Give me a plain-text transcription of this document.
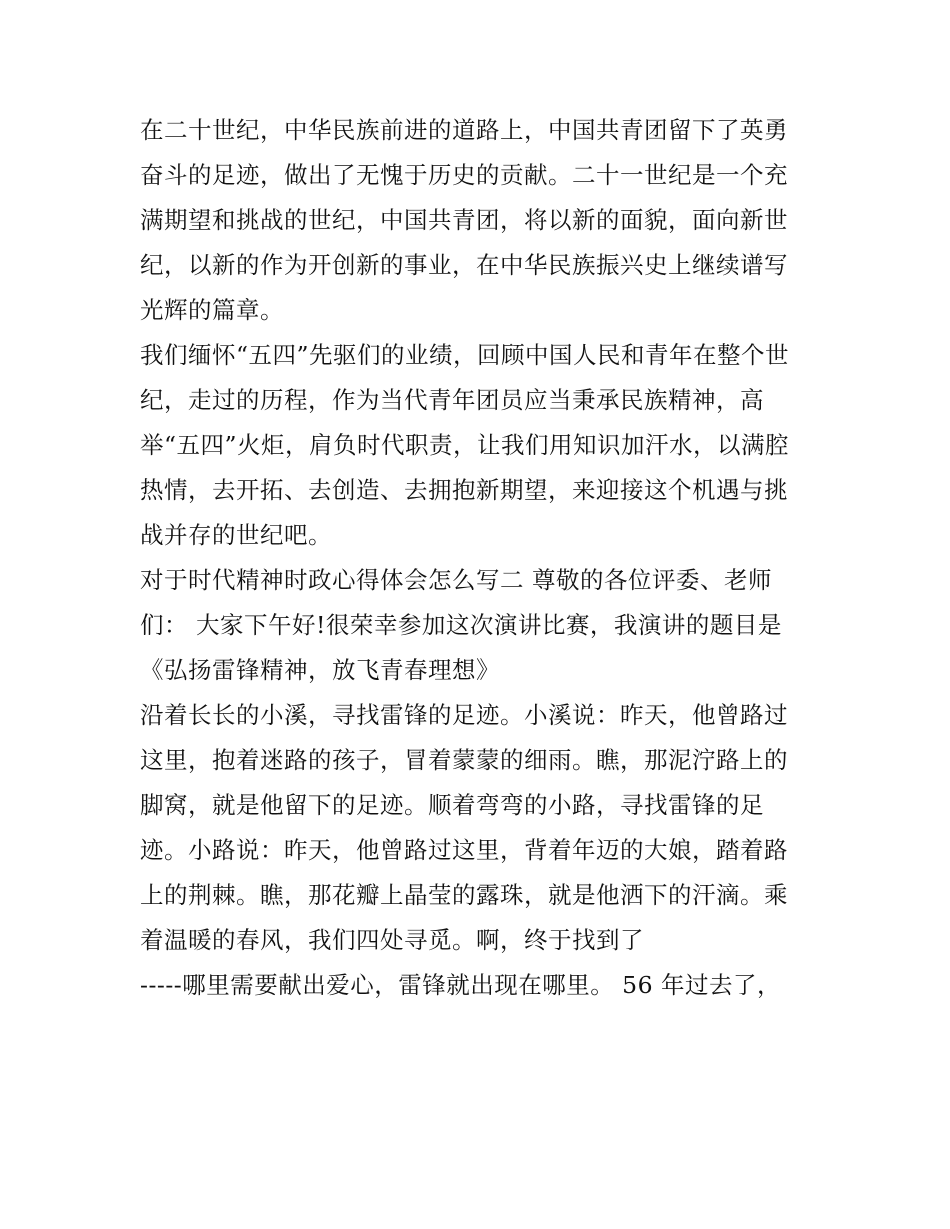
在二十世纪，中华民族前进的道路上，中国共青团留下了英勇
奋斗的足迹，做出了无愧于历史的贡献。二十一世纪是一个充
满期望和挑战的世纪，中国共青团，将以新的面貌，面向新世
纪，以新的作为开创新的事业，在中华民族振兴史上继续谱写
光辉的篇章。
我们缅怀“五四”先驱们的业绩，回顾中国人民和青年在整个世
纪，走过的历程，作为当代青年团员应当秉承民族精神，高
举“五四”火炬，肩负时代职责，让我们用知识加汗水，以满腔
热情，去开拓、去创造、去拥抱新期望，来迎接这个机遇与挑
战并存的世纪吧。
对于时代精神时政心得体会怎么写二 尊敬的各位评委、老师
们： 大家下午好!很荣幸参加这次演讲比赛，我演讲的题目是
《弘扬雷锋精神，放飞青春理想》
沿着长长的小溪，寻找雷锋的足迹。小溪说：昨天，他曾路过
这里，抱着迷路的孩子，冒着蒙蒙的细雨。瞧，那泥泞路上的
脚窝，就是他留下的足迹。顺着弯弯的小路，寻找雷锋的足
迹。小路说：昨天，他曾路过这里，背着年迈的大娘，踏着路
上的荆棘。瞧，那花瓣上晶莹的露珠，就是他洒下的汗滴。乘
着温暖的春风，我们四处寻觅。啊，终于找到了
-----哪里需要献出爱心，雷锋就出现在哪里。 56 年过去了，
